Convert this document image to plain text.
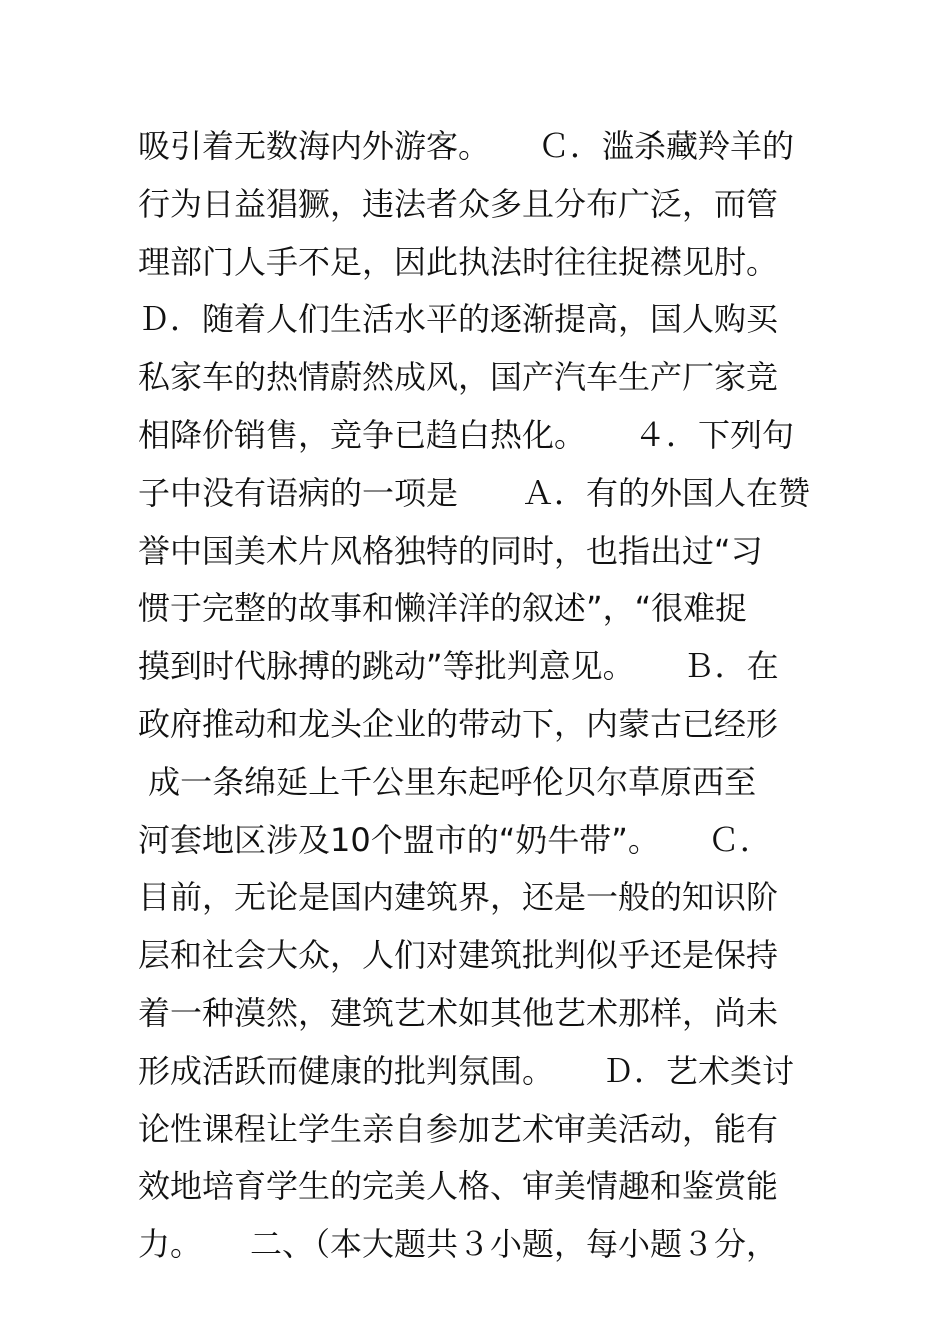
吸引着无数海内外游客。　　Ｃ．滥杀藏羚羊的
行为日益猖獗，违法者众多且分布广泛，而管
理部门人手不足，因此执法时往往捉襟见肘。
Ｄ．随着人们生活水平的逐渐提高，国人购买
私家车的热情蔚然成风，国产汽车生产厂家竞
相降价销售，竞争已趋白热化。　　４．下列句
子中没有语病的一项是　　Ａ．有的外国人在赞
誉中国美术片风格独特的同时，也指出过“习
惯于完整的故事和懒洋洋的叙述”，“很难捉
摸到时代脉搏的跳动”等批判意见。　　Ｂ．在
政府推动和龙头企业的带动下，内蒙古已经形
成一条绵延上千公里东起呼伦贝尔草原西至
河套地区涉及10个盟市的“奶牛带”。　　Ｃ．
目前，无论是国内建筑界，还是一般的知识阶
层和社会大众，人们对建筑批判似乎还是保持
着一种漠然，建筑艺术如其他艺术那样，尚未
形成活跃而健康的批判氛围。　　Ｄ．艺术类讨
论性课程让学生亲自参加艺术审美活动，能有
效地培育学生的完美人格、审美情趣和鉴赏能
力。　　二、（本大题共３小题，每小题３分，
